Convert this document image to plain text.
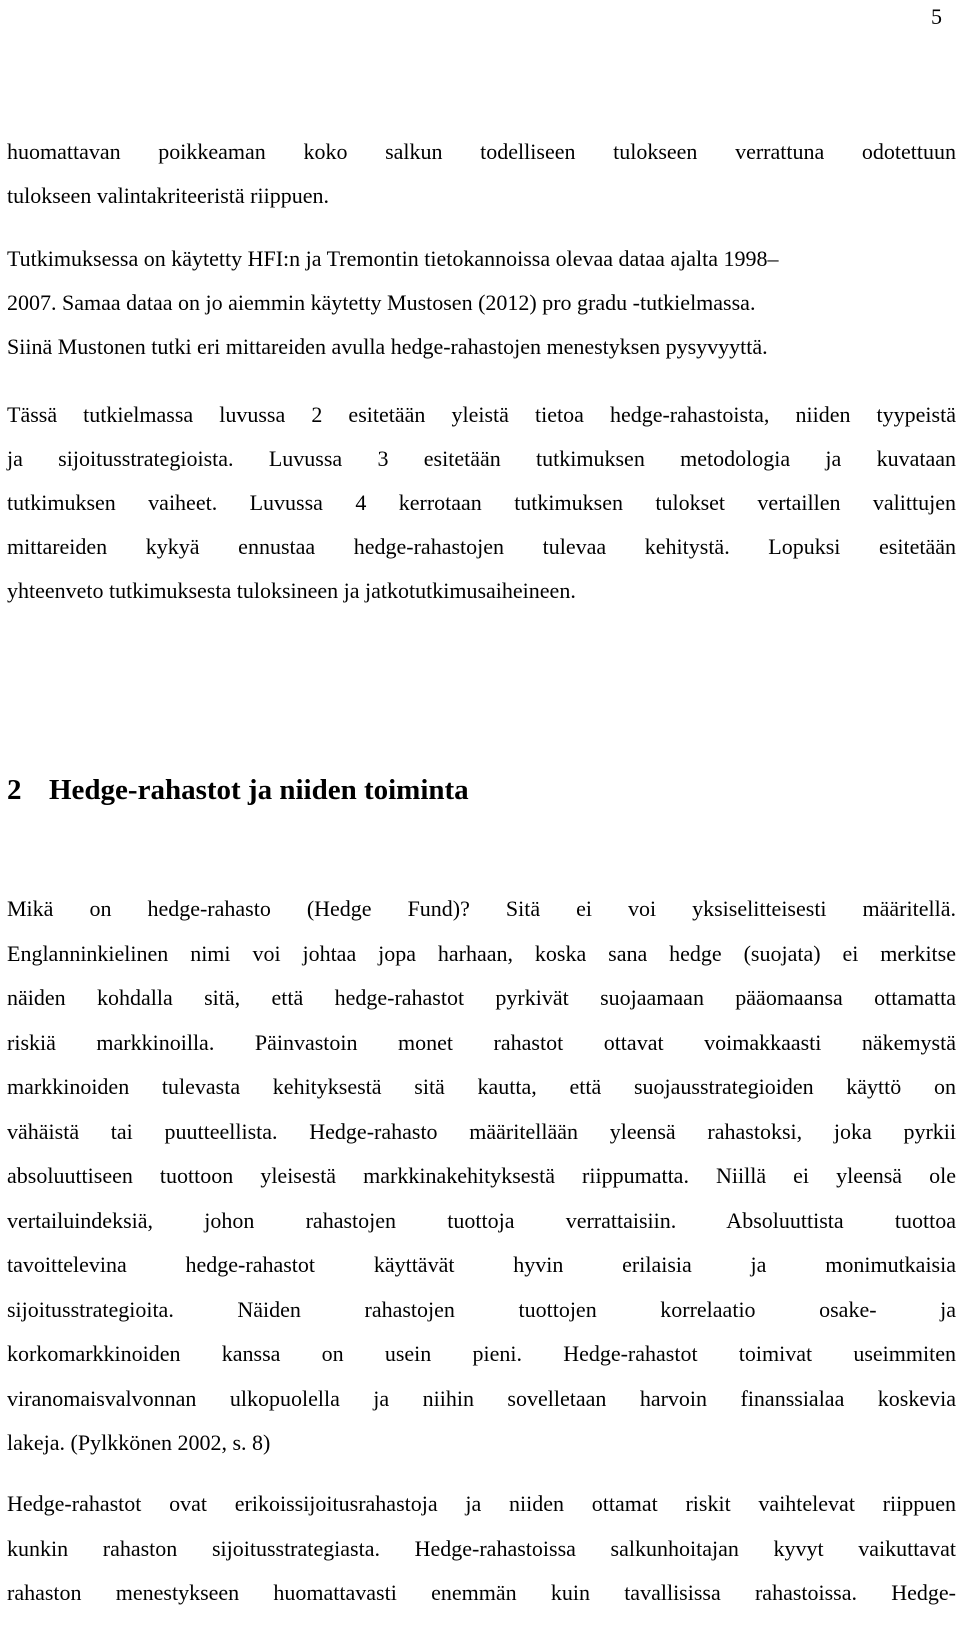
5
huomattavan poikkeaman koko salkun todelliseen tulokseen verrattuna odotettuun
tulokseen valintakriteeristä riippuen.
Tutkimuksessa on käytetty HFI:n ja Tremontin tietokannoissa olevaa dataa ajalta 1998–
2007. Samaa dataa on jo aiemmin käytetty Mustosen (2012) pro gradu -tutkielmassa.
Siinä Mustonen tutki eri mittareiden avulla hedge-rahastojen menestyksen pysyvyyttä.
Tässä tutkielmassa luvussa 2 esitetään yleistä tietoa hedge-rahastoista, niiden tyypeistä
ja sijoitusstrategioista. Luvussa 3 esitetään tutkimuksen metodologia ja kuvataan
tutkimuksen vaiheet. Luvussa 4 kerrotaan tutkimuksen tulokset vertaillen valittujen
mittareiden kykyä ennustaa hedge-rahastojen tulevaa kehitystä. Lopuksi esitetään
yhteenveto tutkimuksesta tuloksineen ja jatkotutkimusaiheineen.
2 Hedge-rahastot ja niiden toiminta
Mikä on hedge-rahasto (Hedge Fund)? Sitä ei voi yksiselitteisesti määritellä.
Englanninkielinen nimi voi johtaa jopa harhaan, koska sana hedge (suojata) ei merkitse
näiden kohdalla sitä, että hedge-rahastot pyrkivät suojaamaan pääomaansa ottamatta
riskiä markkinoilla. Päinvastoin monet rahastot ottavat voimakkaasti näkemystä
markkinoiden tulevasta kehityksestä sitä kautta, että suojausstrategioiden käyttö on
vähäistä tai puutteellista. Hedge-rahasto määritellään yleensä rahastoksi, joka pyrkii
absoluuttiseen tuottoon yleisestä markkinakehityksestä riippumatta. Niillä ei yleensä ole
vertailuindeksiä, johon rahastojen tuottoja verrattaisiin. Absoluuttista tuottoa
tavoittelevina hedge-rahastot käyttävät hyvin erilaisia ja monimutkaisia
sijoitusstrategioita. Näiden rahastojen tuottojen korrelaatio osake- ja
korkomarkkinoiden kanssa on usein pieni. Hedge-rahastot toimivat useimmiten
viranomaisvalvonnan ulkopuolella ja niihin sovelletaan harvoin finanssialaa koskevia
lakeja. (Pylkkönen 2002, s. 8)
Hedge-rahastot ovat erikoissijoitusrahastoja ja niiden ottamat riskit vaihtelevat riippuen
kunkin rahaston sijoitusstrategiasta. Hedge-rahastoissa salkunhoitajan kyvyt vaikuttavat
rahaston menestykseen huomattavasti enemmän kuin tavallisissa rahastoissa. Hedge-
